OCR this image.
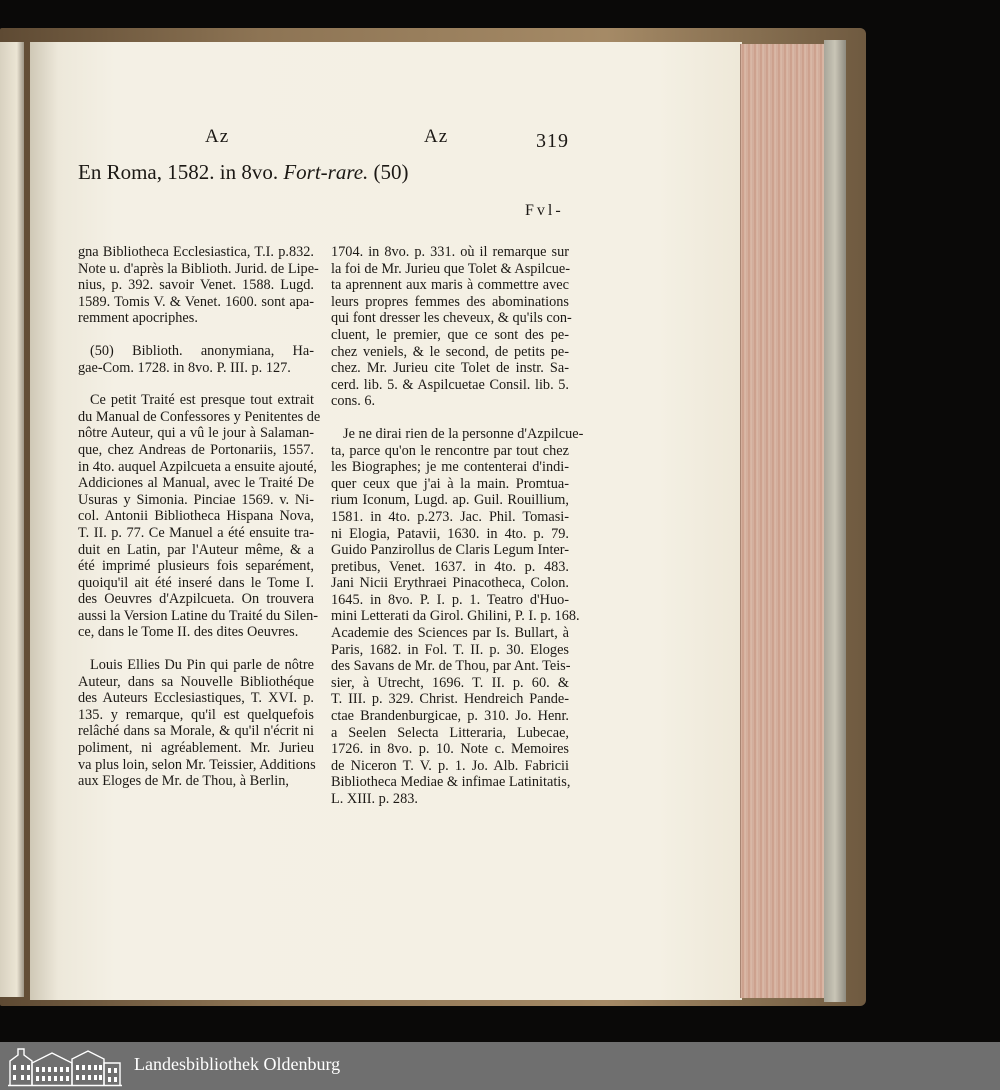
Az	Az	319
En Roma, 1582. in 8vo. Fort-rare. (50)
Fvl-

gna Bibliotheca Ecclesiastica, T.I. p.832.
Note u. d'après la Biblioth. Jurid. de Lipe-
nius, p. 392. savoir Venet. 1588. Lugd.
1589. Tomis V. & Venet. 1600. sont apa-
remment apocriphes.

(50) Biblioth. anonymiana, Ha-
gae-Com. 1728. in 8vo. P. III. p. 127.

Ce petit Traité est presque tout extrait
du Manual de Confessores y Penitentes de
nôtre Auteur, qui a vû le jour à Salaman-
que, chez Andreas de Portonariis, 1557.
in 4to. auquel Azpilcueta a ensuite ajouté,
Addiciones al Manual, avec le Traité De
Usuras y Simonia. Pinciae 1569. v. Ni-
col. Antonii Bibliotheca Hispana Nova,
T. II. p. 77. Ce Manuel a été ensuite tra-
duit en Latin, par l'Auteur même, & a
été imprimé plusieurs fois separément,
quoiqu'il ait été inseré dans le Tome I.
des Oeuvres d'Azpilcueta. On trouvera
aussi la Version Latine du Traité du Silen-
ce, dans le Tome II. des dites Oeuvres.

Louis Ellies Du Pin qui parle de nôtre
Auteur, dans sa Nouvelle Bibliothéque
des Auteurs Ecclesiastiques, T. XVI. p.
135. y remarque, qu'il est quelquefois
relâché dans sa Morale, & qu'il n'écrit ni
poliment, ni agréablement. Mr. Jurieu
va plus loin, selon Mr. Teissier, Additions
aux Eloges de Mr. de Thou, à Berlin,

1704. in 8vo. p. 331. où il remarque sur
la foi de Mr. Jurieu que Tolet & Aspilcue-
ta aprennent aux maris à commettre avec
leurs propres femmes des abominations
qui font dresser les cheveux, & qu'ils con-
cluent, le premier, que ce sont des pe-
chez veniels, & le second, de petits pe-
chez. Mr. Jurieu cite Tolet de instr. Sa-
cerd. lib. 5. & Aspilcuetae Consil. lib. 5.
cons. 6.

Je ne dirai rien de la personne d'Azpilcue-
ta, parce qu'on le rencontre par tout chez
les Biographes; je me contenterai d'indi-
quer ceux que j'ai à la main. Promtua-
rium Iconum, Lugd. ap. Guil. Rouillium,
1581. in 4to. p.273. Jac. Phil. Tomasi-
ni Elogia, Patavii, 1630. in 4to. p. 79.
Guido Panzirollus de Claris Legum Inter-
pretibus, Venet. 1637. in 4to. p. 483.
Jani Nicii Erythraei Pinacotheca, Colon.
1645. in 8vo. P. I. p. 1. Teatro d'Huo-
mini Letterati da Girol. Ghilini, P. I. p. 168.
Academie des Sciences par Is. Bullart, à
Paris, 1682. in Fol. T. II. p. 30. Eloges
des Savans de Mr. de Thou, par Ant. Teis-
sier, à Utrecht, 1696. T. II. p. 60. &
T. III. p. 329. Christ. Hendreich Pande-
ctae Brandenburgicae, p. 310. Jo. Henr.
a Seelen Selecta Litteraria, Lubecae,
1726. in 8vo. p. 10. Note c. Memoires
de Niceron T. V. p. 1. Jo. Alb. Fabricii
Bibliotheca Mediae & infimae Latinitatis,
L. XIII. p. 283.

Landesbibliothek Oldenburg
